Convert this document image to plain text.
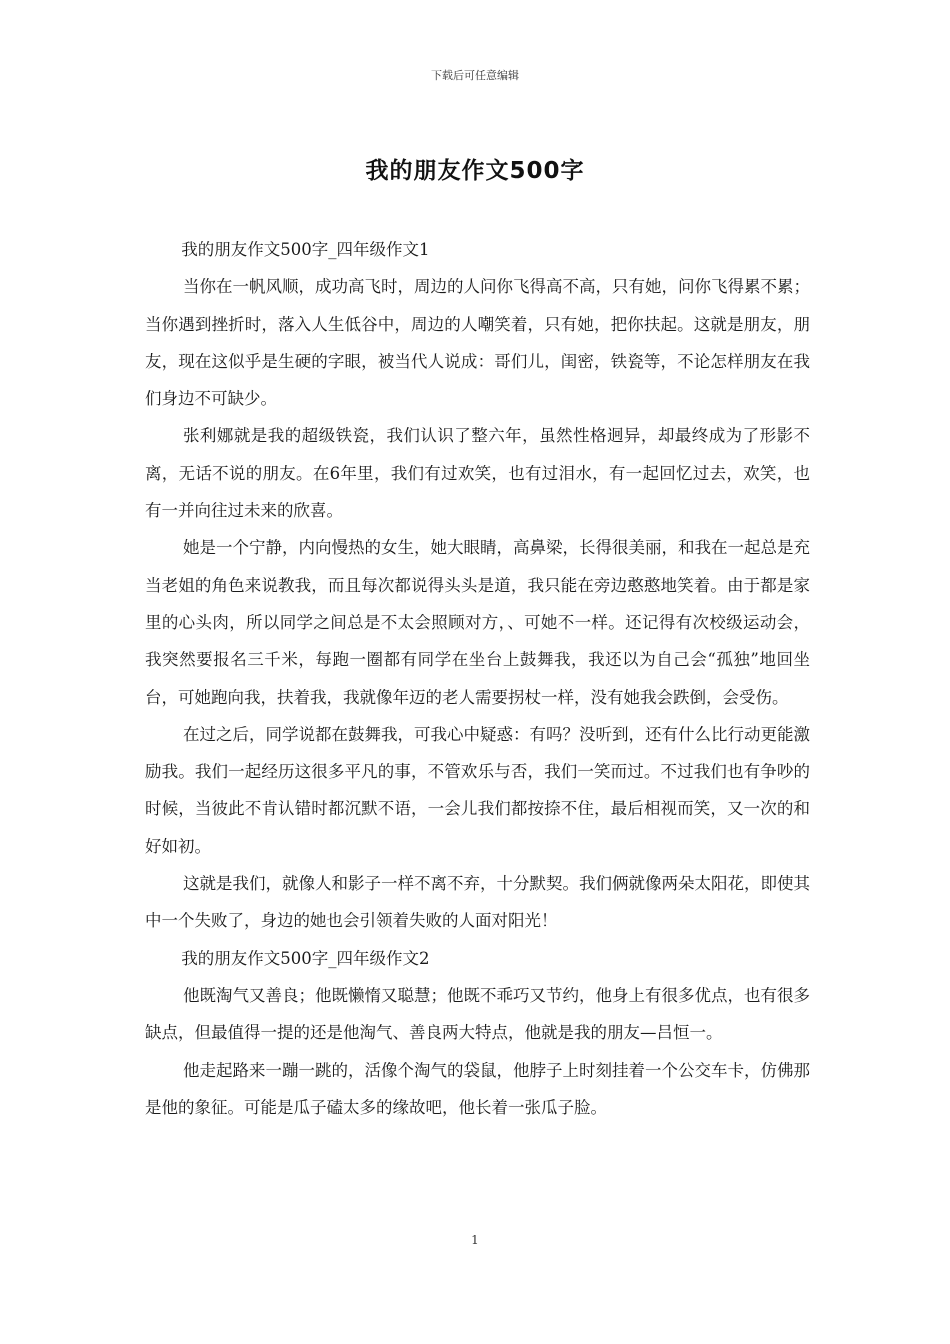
下载后可任意编辑
我的朋友作文500字

我的朋友作文500字_四年级作文1

当你在一帆风顺，成功高飞时，周边的人问你飞得高不高，只有她，问你飞得累不累；当你遇到挫折时，落入人生低谷中，周边的人嘲笑着，只有她，把你扶起。这就是朋友，朋友，现在这似乎是生硬的字眼，被当代人说成：哥们儿，闺密，铁瓷等，不论怎样朋友在我们身边不可缺少。

张利娜就是我的超级铁瓷，我们认识了整六年，虽然性格迥异，却最终成为了形影不离，无话不说的朋友。在6年里，我们有过欢笑，也有过泪水，有一起回忆过去，欢笑，也有一并向往过未来的欣喜。

她是一个宁静，内向慢热的女生，她大眼睛，高鼻梁，长得很美丽，和我在一起总是充当老姐的角色来说教我，而且每次都说得头头是道，我只能在旁边憨憨地笑着。由于都是家里的心头肉，所以同学之间总是不太会照顾对方，、可她不一样。还记得有次校级运动会，我突然要报名三千米，每跑一圈都有同学在坐台上鼓舞我，我还以为自己会“孤独”地回坐台，可她跑向我，扶着我，我就像年迈的老人需要拐杖一样，没有她我会跌倒，会受伤。

在过之后，同学说都在鼓舞我，可我心中疑惑：有吗？没听到，还有什么比行动更能激励我。我们一起经历这很多平凡的事，不管欢乐与否，我们一笑而过。不过我们也有争吵的时候，当彼此不肯认错时都沉默不语，一会儿我们都按捺不住，最后相视而笑，又一次的和好如初。

这就是我们，就像人和影子一样不离不弃，十分默契。我们俩就像两朵太阳花，即使其中一个失败了，身边的她也会引领着失败的人面对阳光！

我的朋友作文500字_四年级作文2

他既淘气又善良；他既懒惰又聪慧；他既不乖巧又节约，他身上有很多优点，也有很多缺点，但最值得一提的还是他淘气、善良两大特点，他就是我的朋友—吕恒一。

他走起路来一蹦一跳的，活像个淘气的袋鼠，他脖子上时刻挂着一个公交车卡，仿佛那是他的象征。可能是瓜子磕太多的缘故吧，他长着一张瓜子脸。

1
